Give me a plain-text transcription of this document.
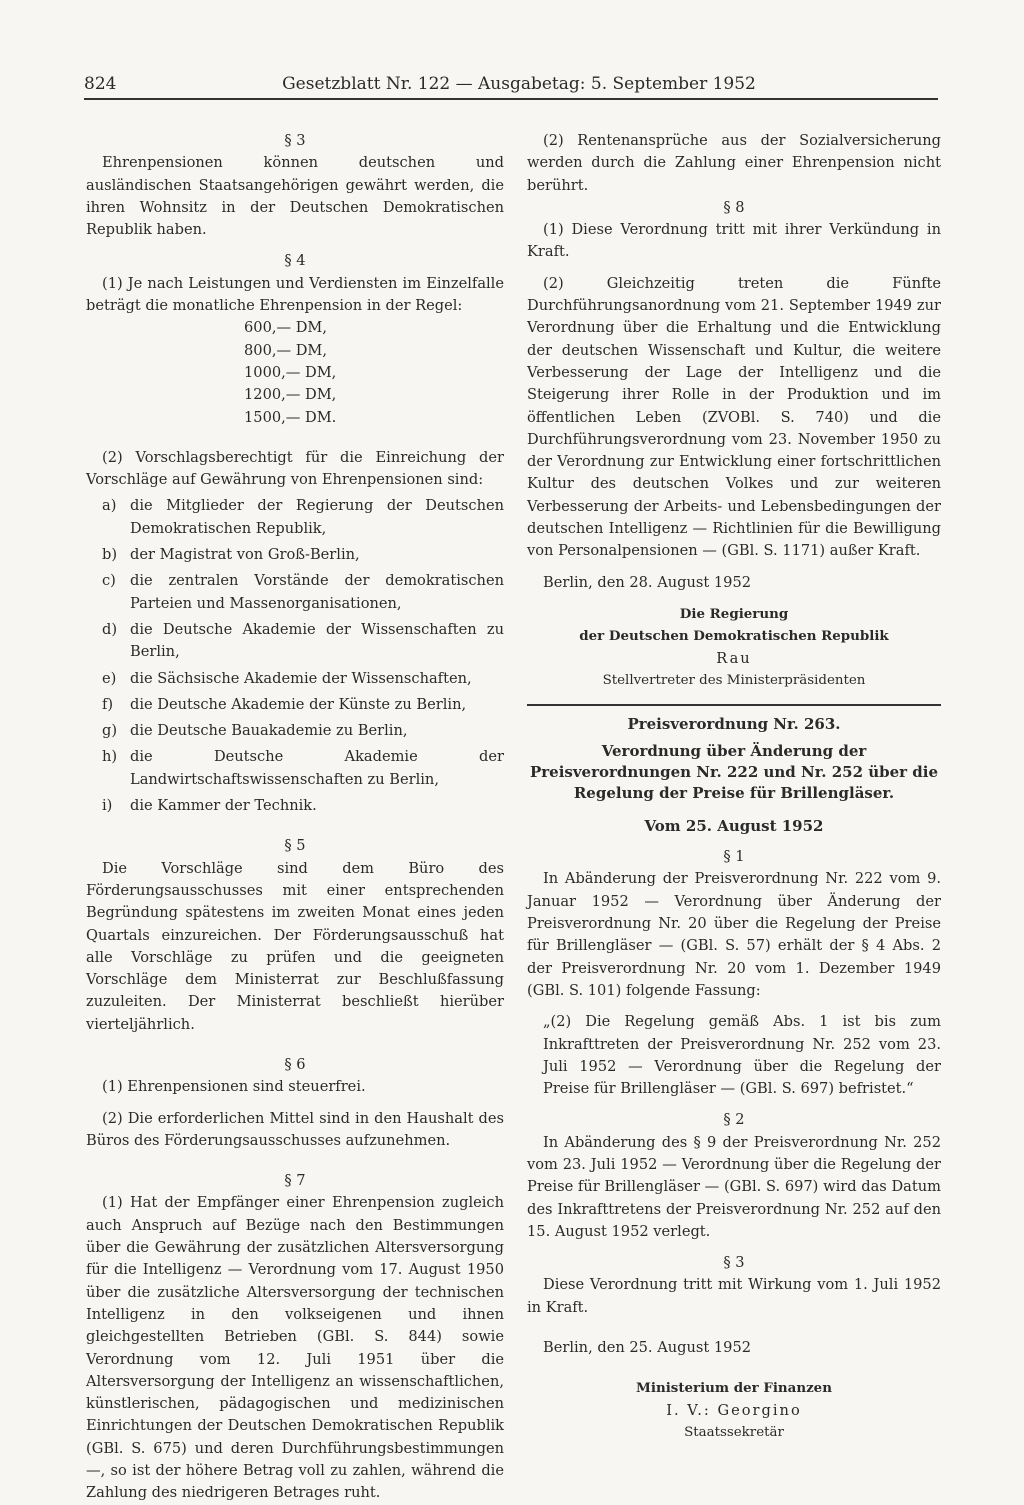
824	Gesetzblatt Nr. 122 — Ausgabetag: 5. September 1952

§ 3

Ehrenpensionen können deutschen und ausländischen Staatsangehörigen gewährt werden, die ihren Wohnsitz in der Deutschen Demokratischen Republik haben.

§ 4

(1) Je nach Leistungen und Verdiensten im Einzelfalle beträgt die monatliche Ehrenpension in der Regel:

600,— DM,
800,— DM,
1000,— DM,
1200,— DM,
1500,— DM.

(2) Vorschlagsberechtigt für die Einreichung der Vorschläge auf Gewährung von Ehrenpensionen sind:

a) die Mitglieder der Regierung der Deutschen Demokratischen Republik,
b) der Magistrat von Groß-Berlin,
c) die zentralen Vorstände der demokratischen Parteien und Massenorganisationen,
d) die Deutsche Akademie der Wissenschaften zu Berlin,
e) die Sächsische Akademie der Wissenschaften,
f)	die Deutsche Akademie der Künste zu Berlin,
g) die Deutsche Bauakademie zu Berlin,
h) die Deutsche Akademie der Landwirtschaftswissenschaften zu Berlin,
i)	die Kammer der Technik.

§ 5

Die Vorschläge sind dem Büro des Förderungsausschusses mit einer entsprechenden Begründung spätestens im zweiten Monat eines jeden Quartals einzureichen. Der Förderungsausschuß hat alle Vorschläge zu prüfen und die geeigneten Vorschläge dem Ministerrat zur Beschlußfassung zuzuleiten. Der Ministerrat beschließt hierüber vierteljährlich.

§ 6

(1) Ehrenpensionen sind steuerfrei.

(2) Die erforderlichen Mittel sind in den Haushalt des Büros des Förderungsausschusses aufzunehmen.

§ 7

(1) Hat der Empfänger einer Ehrenpension zugleich auch Anspruch auf Bezüge nach den Bestimmungen über die Gewährung der zusätzlichen Altersversorgung für die Intelligenz — Verordnung vom 17. August 1950 über die zusätzliche Altersversorgung der technischen Intelligenz in den volkseigenen und ihnen gleichgestellten Betrieben (GBl. S. 844) sowie Verordnung vom 12. Juli 1951 über die Altersversorgung der Intelligenz an wissenschaftlichen, künstlerischen, pädagogischen und medizinischen Einrichtungen der Deutschen Demokratischen Republik (GBl. S. 675) und deren Durchführungsbestimmungen —, so ist der höhere Betrag voll zu zahlen, während die Zahlung des niedrigeren Betrages ruht.

(2) Rentenansprüche aus der Sozialversicherung werden durch die Zahlung einer Ehrenpension nicht berührt.

§ 8

(1) Diese Verordnung tritt mit ihrer Verkündung in Kraft.

(2) Gleichzeitig treten die Fünfte Durchführungsanordnung vom 21. September 1949 zur Verordnung über die Erhaltung und die Entwicklung der deutschen Wissenschaft und Kultur, die weitere Verbesserung der Lage der Intelligenz und die Steigerung ihrer Rolle in der Produktion und im öffentlichen Leben (ZVOBl. S. 740) und die Durchführungsverordnung vom 23. November 1950 zu der Verordnung zur Entwicklung einer fortschrittlichen Kultur des deutschen Volkes und zur weiteren Verbesserung der Arbeits- und Lebensbedingungen der deutschen Intelligenz — Richtlinien für die Bewilligung von Personalpensionen — (GBl. S. 1171) außer Kraft.

Berlin, den 28. August 1952

Die Regierung
der Deutschen Demokratischen Republik
Rau
Stellvertreter des Ministerpräsidenten
Preisverordnung Nr. 263.
Verordnung über Änderung der Preisverordnungen Nr. 222 und Nr. 252 über die Regelung der Preise für Brillengläser.
Vom 25. August 1952

§ 1

In Abänderung der Preisverordnung Nr. 222 vom 9. Januar 1952 — Verordnung über Änderung der Preisverordnung Nr. 20 über die Regelung der Preise für Brillengläser — (GBl. S. 57) erhält der § 4 Abs. 2 der Preisverordnung Nr. 20 vom 1. Dezember 1949 (GBl. S. 101) folgende Fassung:

„(2) Die Regelung gemäß Abs. 1 ist bis zum Inkrafttreten der Preisverordnung Nr. 252 vom 23. Juli 1952 — Verordnung über die Regelung der Preise für Brillengläser — (GBl. S. 697) befristet.“

§ 2

In Abänderung des § 9 der Preisverordnung Nr. 252 vom 23. Juli 1952 — Verordnung über die Regelung der Preise für Brillengläser — (GBl. S. 697) wird das Datum des Inkrafttretens der Preisverordnung Nr. 252 auf den 15. August 1952 verlegt.

§ 3

Diese Verordnung tritt mit Wirkung vom 1. Juli 1952 in Kraft.

Berlin, den 25. August 1952

Ministerium der Finanzen
I. V.: Georgino
Staatssekretär
